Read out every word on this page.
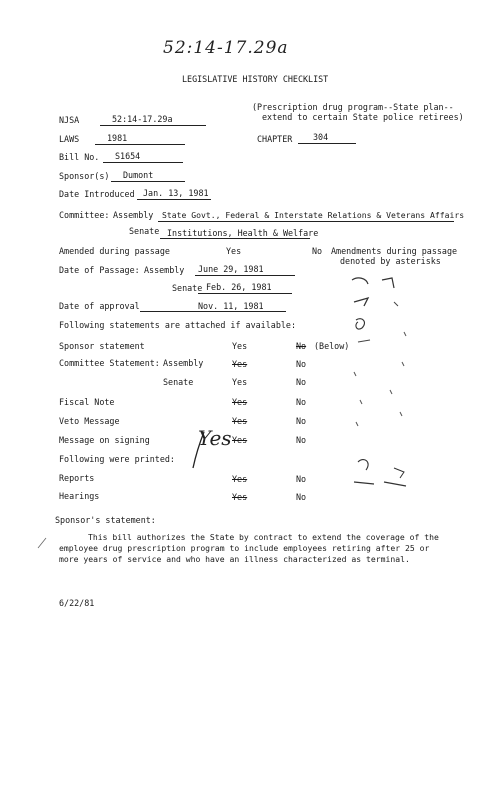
52:14-17.29a
LEGISLATIVE HISTORY CHECKLIST
NJSA	52:14-17.29a
(Prescription drug program--State plan--
extend to certain State police retirees)
LAWS	1981	CHAPTER 304
Bill No. S1654
Sponsor(s) Dumont
Date Introduced Jan. 13, 1981
Committee: Assembly State Govt., Federal & Interstate Relations & Veterans Affairs
Senate Institutions, Health & Welfare
Amended during passage	Yes	No Amendments during passage
denoted by asterisks
Date of Passage: Assembly June 29, 1981
Senate Feb. 26, 1981
Date of approval	Nov. 11, 1981
Following statements are attached if available:
Sponsor statement	Yes	No (Below)
Committee Statement: Assembly	Yes	No
Senate	Yes	No
Fiscal Note	Yes	No
Veto Message	Yes	No
Message on signing	Yes	No
Following were printed:
Reports	Yes	No
Hearings	Yes	No
Yes
Sponsor's statement:
This bill authorizes the State by contract to extend the coverage of the
employee drug prescription program to include employees retiring after 25 or
more years of service and who have an illness characterized as terminal.
6/22/81
